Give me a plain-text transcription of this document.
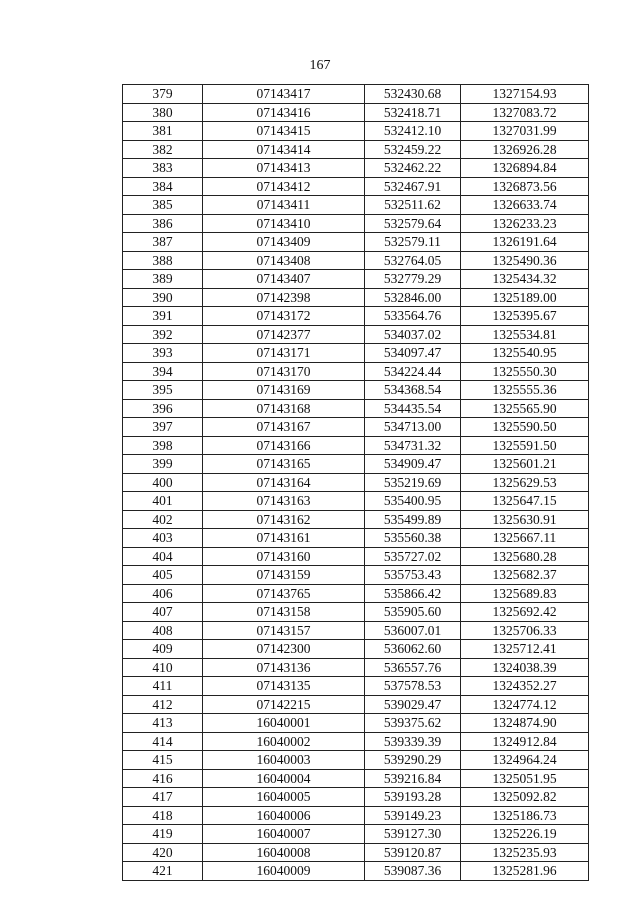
167
379	07143417	532430.68	1327154.93
380	07143416	532418.71	1327083.72
381	07143415	532412.10	1327031.99
382	07143414	532459.22	1326926.28
383	07143413	532462.22	1326894.84
384	07143412	532467.91	1326873.56
385	07143411	532511.62	1326633.74
386	07143410	532579.64	1326233.23
387	07143409	532579.11	1326191.64
388	07143408	532764.05	1325490.36
389	07143407	532779.29	1325434.32
390	07142398	532846.00	1325189.00
391	07143172	533564.76	1325395.67
392	07142377	534037.02	1325534.81
393	07143171	534097.47	1325540.95
394	07143170	534224.44	1325550.30
395	07143169	534368.54	1325555.36
396	07143168	534435.54	1325565.90
397	07143167	534713.00	1325590.50
398	07143166	534731.32	1325591.50
399	07143165	534909.47	1325601.21
400	07143164	535219.69	1325629.53
401	07143163	535400.95	1325647.15
402	07143162	535499.89	1325630.91
403	07143161	535560.38	1325667.11
404	07143160	535727.02	1325680.28
405	07143159	535753.43	1325682.37
406	07143765	535866.42	1325689.83
407	07143158	535905.60	1325692.42
408	07143157	536007.01	1325706.33
409	07142300	536062.60	1325712.41
410	07143136	536557.76	1324038.39
411	07143135	537578.53	1324352.27
412	07142215	539029.47	1324774.12
413	16040001	539375.62	1324874.90
414	16040002	539339.39	1324912.84
415	16040003	539290.29	1324964.24
416	16040004	539216.84	1325051.95
417	16040005	539193.28	1325092.82
418	16040006	539149.23	1325186.73
419	16040007	539127.30	1325226.19
420	16040008	539120.87	1325235.93
421	16040009	539087.36	1325281.96
